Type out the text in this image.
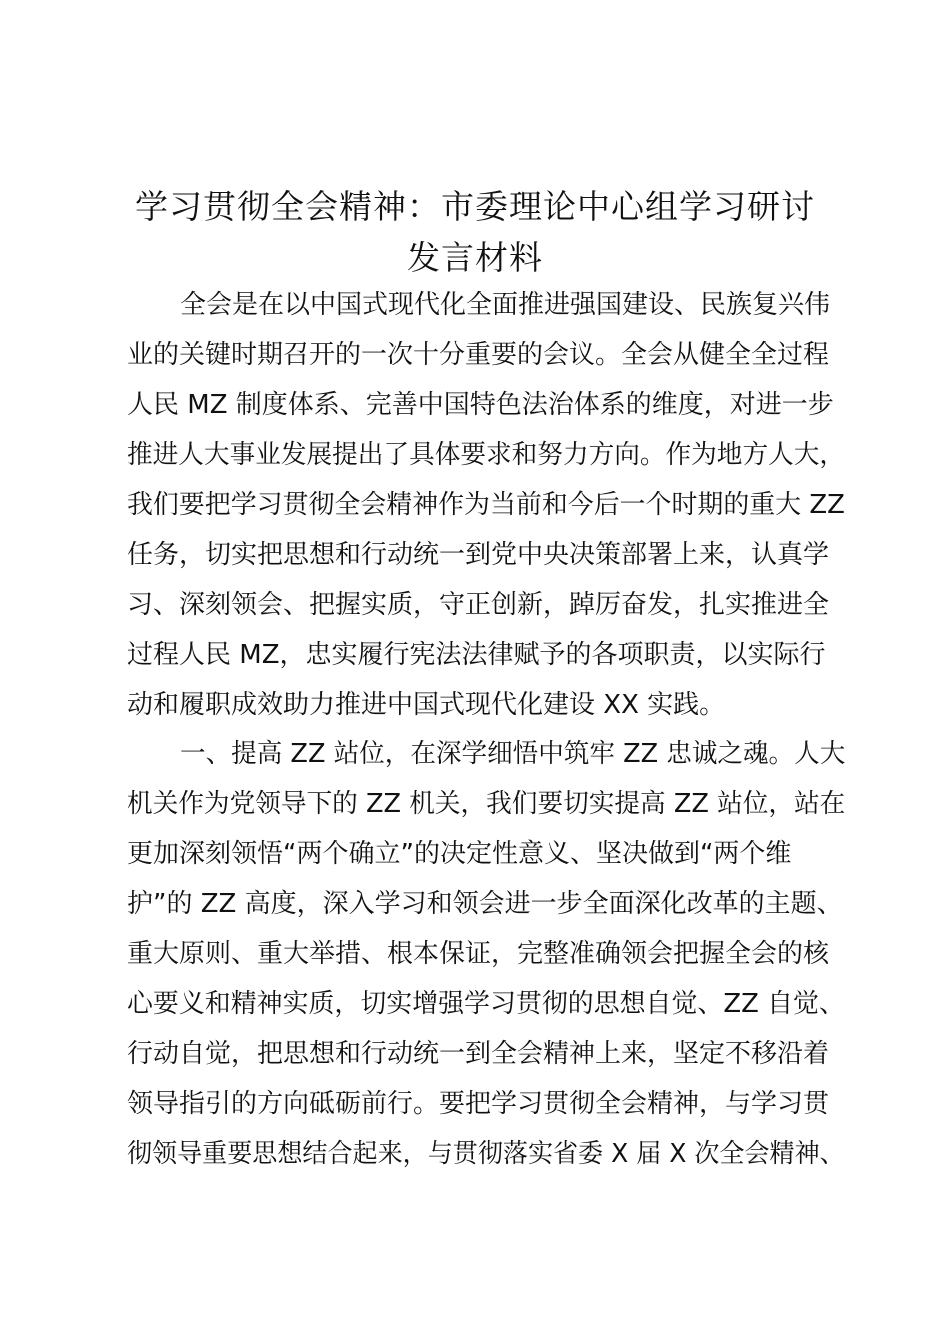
学习贯彻全会精神：市委理论中心组学习研讨
发言材料
全会是在以中国式现代化全面推进强国建设、民族复兴伟
业的关键时期召开的一次十分重要的会议。全会从健全全过程
人民 MZ 制度体系、完善中国特色法治体系的维度，对进一步
推进人大事业发展提出了具体要求和努力方向。作为地方人大，
我们要把学习贯彻全会精神作为当前和今后一个时期的重大 ZZ
任务，切实把思想和行动统一到党中央决策部署上来，认真学
习、深刻领会、把握实质，守正创新，踔厉奋发，扎实推进全
过程人民 MZ，忠实履行宪法法律赋予的各项职责，以实际行
动和履职成效助力推进中国式现代化建设 XX 实践。
一、提高 ZZ 站位，在深学细悟中筑牢 ZZ 忠诚之魂。人大
机关作为党领导下的 ZZ 机关，我们要切实提高 ZZ 站位，站在
更加深刻领悟“两个确立”的决定性意义、坚决做到“两个维
护”的 ZZ 高度，深入学习和领会进一步全面深化改革的主题、
重大原则、重大举措、根本保证，完整准确领会把握全会的核
心要义和精神实质，切实增强学习贯彻的思想自觉、ZZ 自觉、
行动自觉，把思想和行动统一到全会精神上来，坚定不移沿着
领导指引的方向砥砺前行。要把学习贯彻全会精神，与学习贯
彻领导重要思想结合起来，与贯彻落实省委 X 届 X 次全会精神、
